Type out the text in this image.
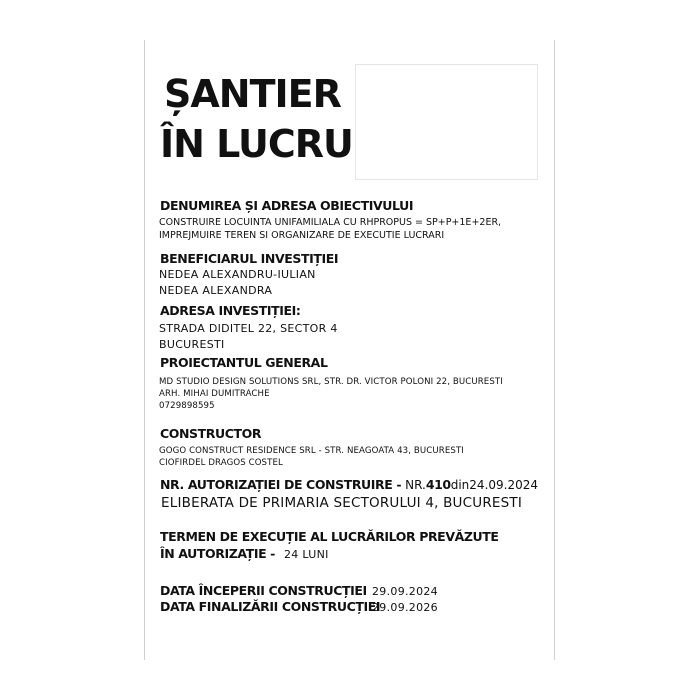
ȘANTIER
ÎN LUCRU
DENUMIREA ȘI ADRESA OBIECTIVULUI
CONSTRUIRE LOCUINTA UNIFAMILIALA CU RHPROPUS = SP+P+1E+2ER,
IMPREJMUIRE TEREN SI ORGANIZARE DE EXECUTIE LUCRARI
BENEFICIARUL INVESTIȚIEI
NEDEA ALEXANDRU-IULIAN
NEDEA ALEXANDRA
ADRESA INVESTIȚIEI:
STRADA DIDITEL 22, SECTOR 4
BUCURESTI
PROIECTANTUL GENERAL
MD STUDIO DESIGN SOLUTIONS SRL, STR. DR. VICTOR POLONI 22, BUCURESTI
ARH. MIHAI DUMITRACHE
0729898595
CONSTRUCTOR
GOGO CONSTRUCT RESIDENCE SRL - STR. NEAGOATA 43, BUCURESTI
CIOFIRDEL DRAGOS COSTEL
NR. AUTORIZAȚIEI DE CONSTRUIRE - NR.410din24.09.2024
ELIBERATA DE PRIMARIA SECTORULUI 4, BUCURESTI
TERMEN DE EXECUȚIE AL LUCRĂRILOR PREVĂZUTE
ÎN AUTORIZAȚIE - 24 LUNI
DATA ÎNCEPERII CONSTRUCȚIEI 29.09.2024
DATA FINALIZĂRII CONSTRUCȚIEI
29.09.2026
